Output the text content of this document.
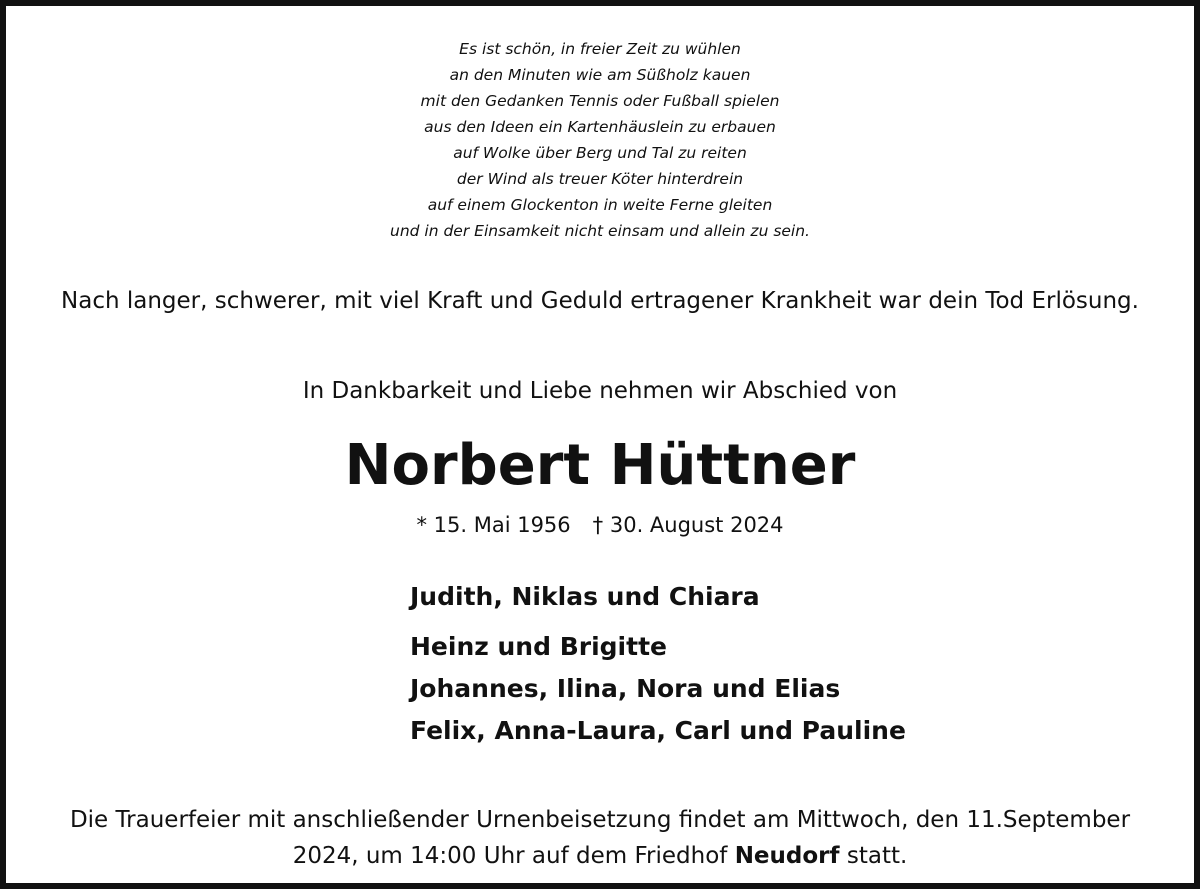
Es ist schön, in freier Zeit zu wühlen
an den Minuten wie am Süßholz kauen
mit den Gedanken Tennis oder Fußball spielen
aus den Ideen ein Kartenhäuslein zu erbauen
auf Wolke über Berg und Tal zu reiten
der Wind als treuer Köter hinterdrein
auf einem Glockenton in weite Ferne gleiten
und in der Einsamkeit nicht einsam und allein zu sein.
Nach langer, schwerer, mit viel Kraft und Geduld ertragener Krankheit war dein Tod Erlösung.
In Dankbarkeit und Liebe nehmen wir Abschied von
Norbert Hüttner
* 15. Mai 1956 † 30. August 2024
Judith, Niklas und Chiara
Heinz und Brigitte
Johannes, Ilina, Nora und Elias
Felix, Anna-Laura, Carl und Pauline
Die Trauerfeier mit anschließender Urnenbeisetzung findet am Mittwoch, den 11.September 2024, um 14:00 Uhr auf dem Friedhof Neudorf statt.
